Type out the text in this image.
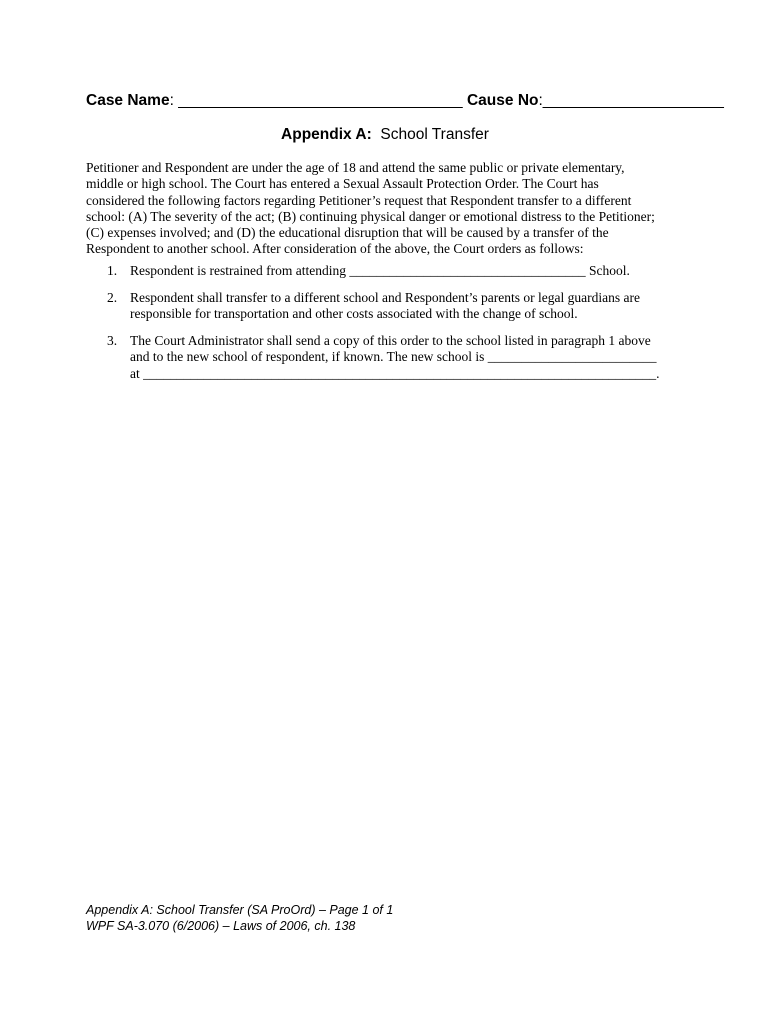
Case Name: _________________________________ Cause No:_____________________
Appendix A: School Transfer
Petitioner and Respondent are under the age of 18 and attend the same public or private elementary,
middle or high school. The Court has entered a Sexual Assault Protection Order. The Court has
considered the following factors regarding Petitioner’s request that Respondent transfer to a different
school: (A) The severity of the act; (B) continuing physical danger or emotional distress to the Petitioner;
(C) expenses involved; and (D) the educational disruption that will be caused by a transfer of the
Respondent to another school. After consideration of the above, the Court orders as follows:
1. Respondent is restrained from attending ___________________________________ School.
2. Respondent shall transfer to a different school and Respondent’s parents or legal guardians are
responsible for transportation and other costs associated with the change of school.
3. The Court Administrator shall send a copy of this order to the school listed in paragraph 1 above
and to the new school of respondent, if known. The new school is _________________________
at ____________________________________________________________________________.
Appendix A: School Transfer (SA ProOrd) – Page 1 of 1
WPF SA-3.070 (6/2006) – Laws of 2006, ch. 138
